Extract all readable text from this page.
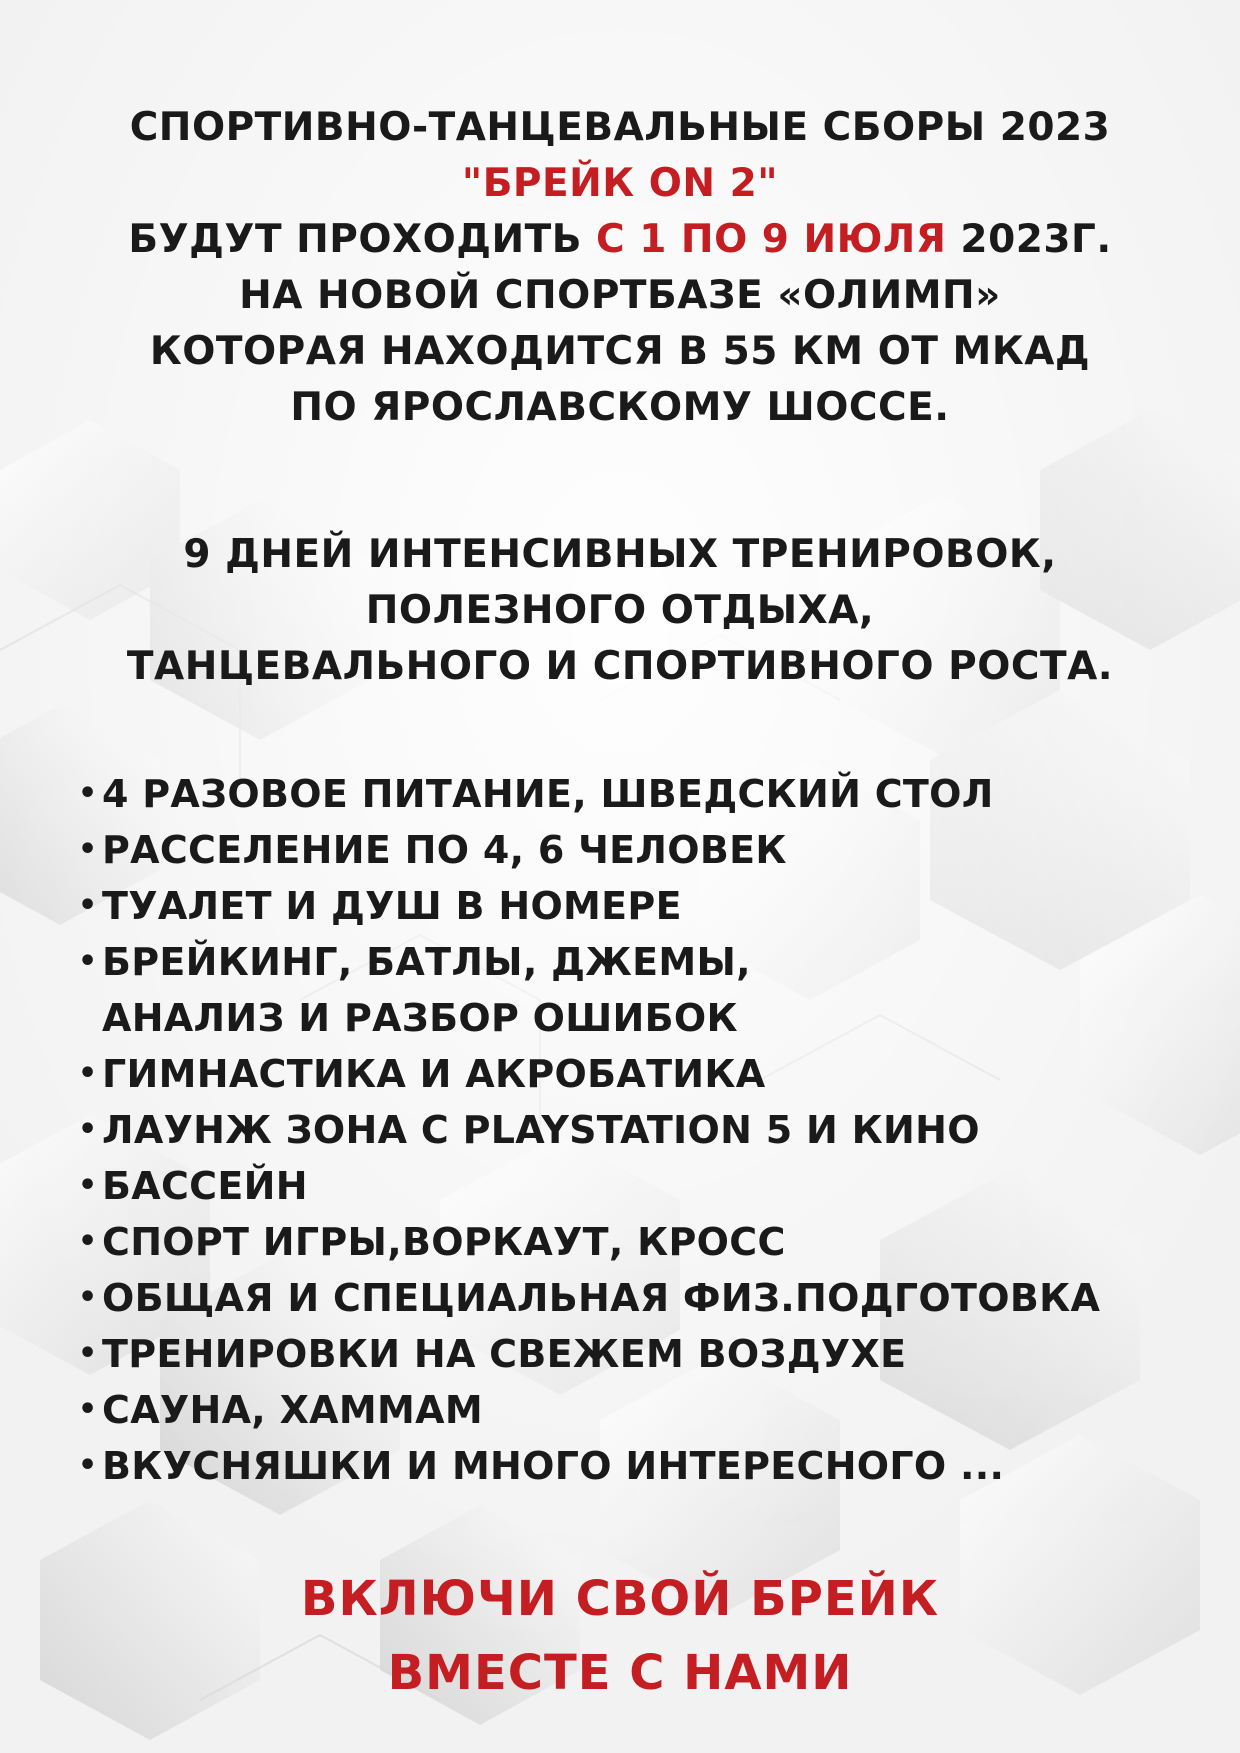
СПОРТИВНО-ТАНЦЕВАЛЬНЫЕ СБОРЫ 2023
"БРЕЙК ON 2"
БУДУТ ПРОХОДИТЬ С 1 ПО 9 ИЮЛЯ 2023Г.
НА НОВОЙ СПОРТБАЗЕ «ОЛИМП»
КОТОРАЯ НАХОДИТСЯ В 55 КМ ОТ МКАД
ПО ЯРОСЛАВСКОМУ ШОССЕ.
9 ДНЕЙ ИНТЕНСИВНЫХ ТРЕНИРОВОК,
ПОЛЕЗНОГО ОТДЫХА,
ТАНЦЕВАЛЬНОГО И СПОРТИВНОГО РОСТА.
• 4 РАЗОВОЕ ПИТАНИЕ, ШВЕДСКИЙ СТОЛ
• РАССЕЛЕНИЕ ПО 4, 6 ЧЕЛОВЕК
• ТУАЛЕТ И ДУШ В НОМЕРЕ
• БРЕЙКИНГ, БАТЛЫ, ДЖЕМЫ,
АНАЛИЗ И РАЗБОР ОШИБОК
• ГИМНАСТИКА И АКРОБАТИКА
• ЛАУНЖ ЗОНА С PLAYSTATION 5 И КИНО
• БАССЕЙН
• СПОРТ ИГРЫ,ВОРКАУТ, КРОСС
• ОБЩАЯ И СПЕЦИАЛЬНАЯ ФИЗ.ПОДГОТОВКА
• ТРЕНИРОВКИ НА СВЕЖЕМ ВОЗДУХЕ
• САУНА, ХАММАМ
• ВКУСНЯШКИ И МНОГО ИНТЕРЕСНОГО ...
ВКЛЮЧИ СВОЙ БРЕЙК
ВМЕСТЕ С НАМИ
